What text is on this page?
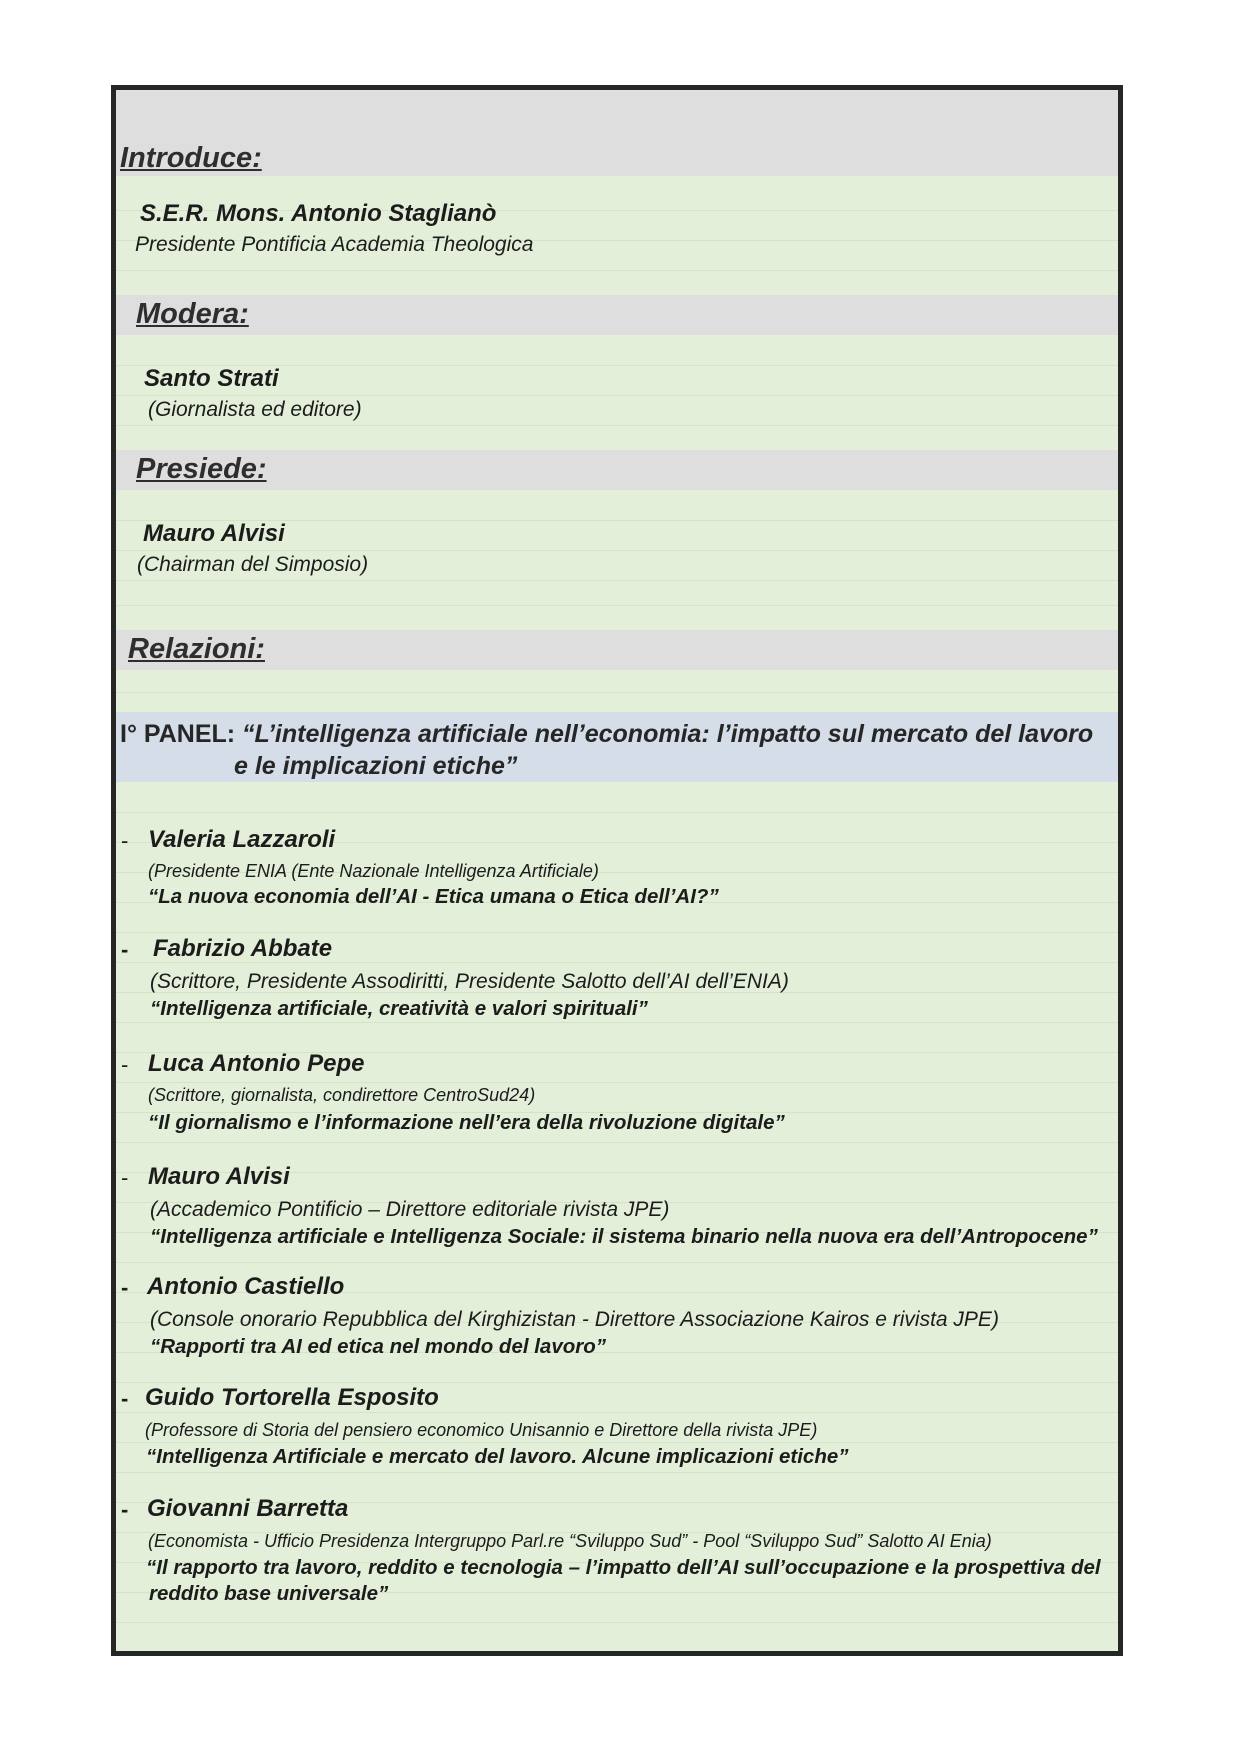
Introduce:
S.E.R. Mons. Antonio Staglianò
Presidente Pontificia Academia Theologica
Modera:
Santo Strati
(Giornalista ed editore)
Presiede:
Mauro Alvisi
(Chairman del Simposio)
Relazioni:
I° PANEL: “L’intelligenza artificiale nell’economia: l’impatto sul mercato del lavoro
e le implicazioni etiche”
- Valeria Lazzaroli
(Presidente ENIA (Ente Nazionale Intelligenza Artificiale)
“La nuova economia dell’AI - Etica umana o Etica dell’AI?”
- Fabrizio Abbate
(Scrittore, Presidente Assodiritti, Presidente Salotto dell’AI dell’ENIA)
“Intelligenza artificiale, creatività e valori spirituali”
- Luca Antonio Pepe
(Scrittore, giornalista, condirettore CentroSud24)
“Il giornalismo e l’informazione nell’era della rivoluzione digitale”
- Mauro Alvisi
(Accademico Pontificio – Direttore editoriale rivista JPE)
“Intelligenza artificiale e Intelligenza Sociale: il sistema binario nella nuova era dell’Antropocene”
- Antonio Castiello
(Console onorario Repubblica del Kirghizistan - Direttore Associazione Kairos e rivista JPE)
“Rapporti tra AI ed etica nel mondo del lavoro”
- Guido Tortorella Esposito
(Professore di Storia del pensiero economico Unisannio e Direttore della rivista JPE)
“Intelligenza Artificiale e mercato del lavoro. Alcune implicazioni etiche”
- Giovanni Barretta
(Economista - Ufficio Presidenza Intergruppo Parl.re “Sviluppo Sud” - Pool “Sviluppo Sud” Salotto AI Enia)
“Il rapporto tra lavoro, reddito e tecnologia – l’impatto dell’AI sull’occupazione e la prospettiva del
reddito base universale”
